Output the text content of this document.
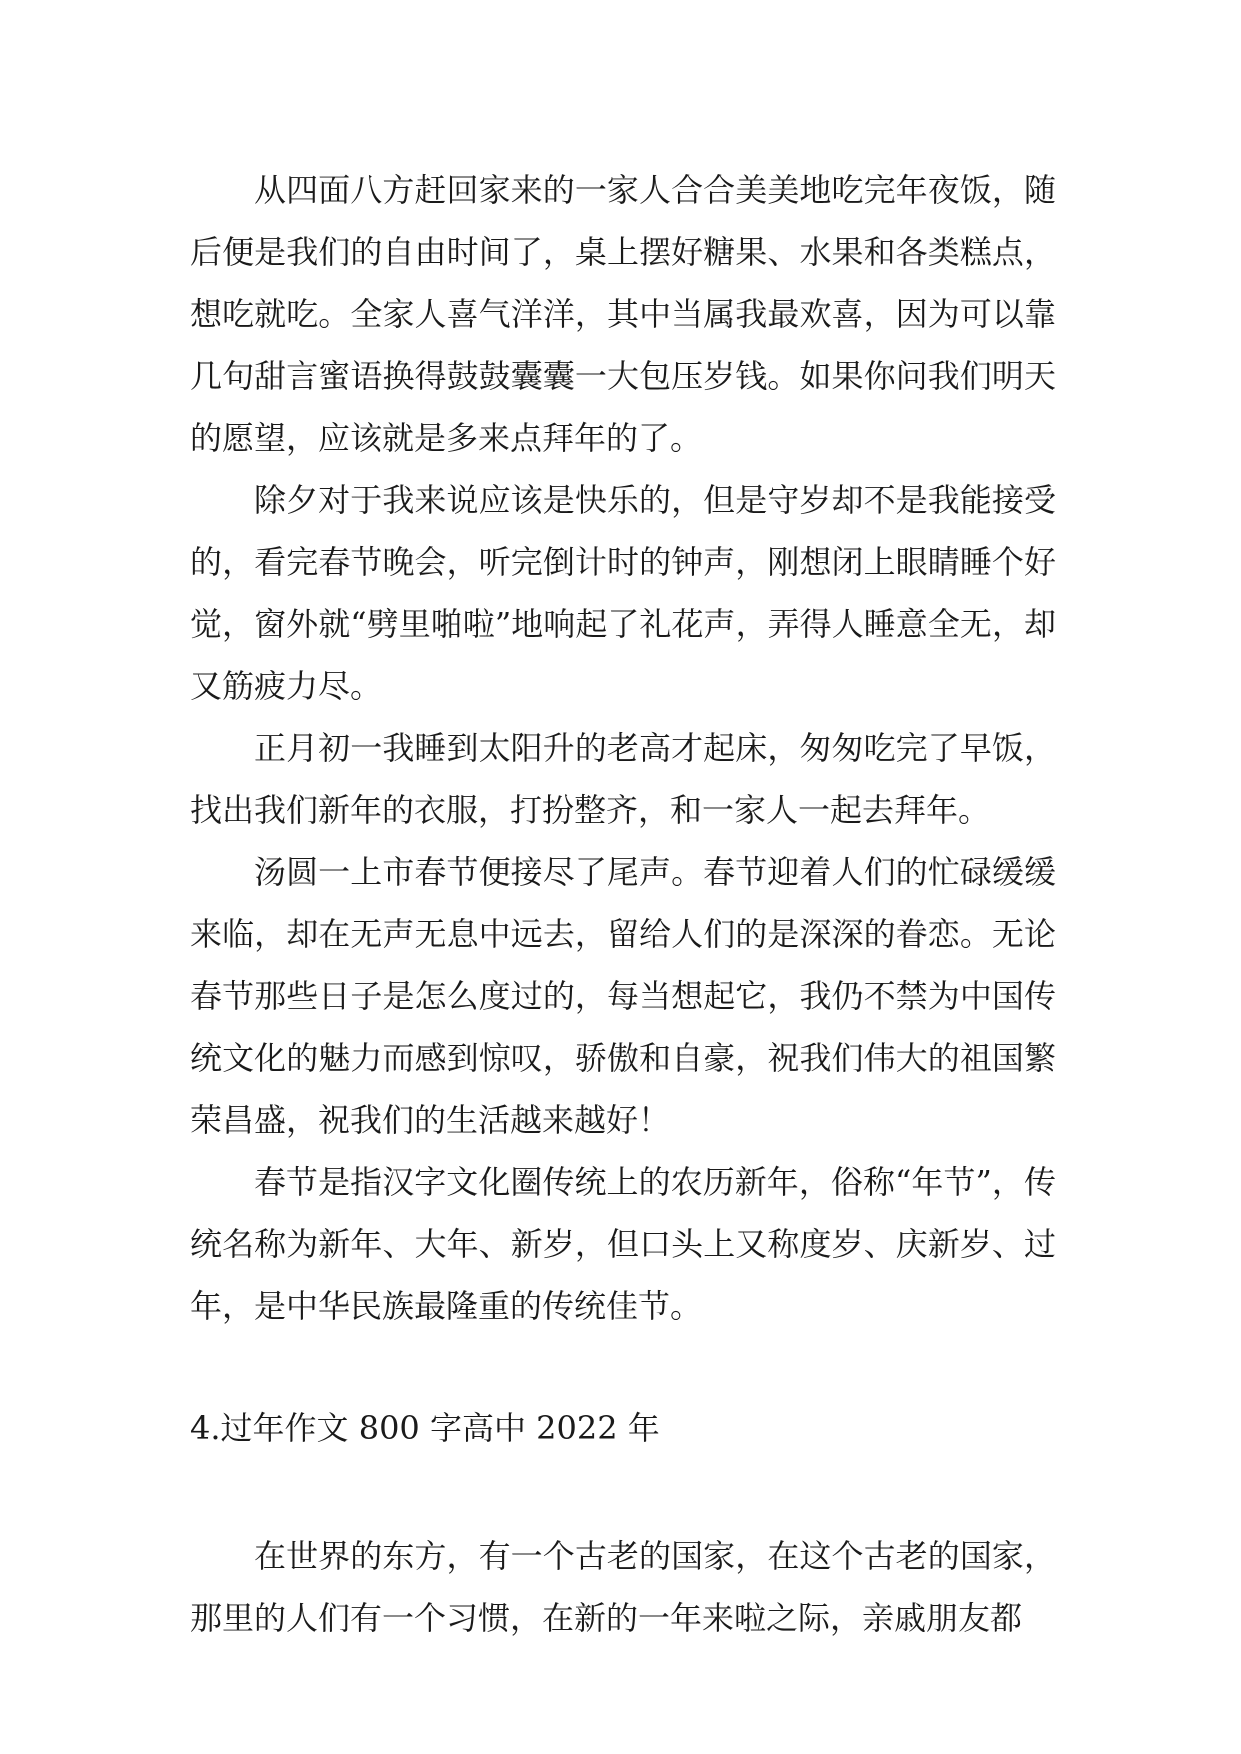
从四面八方赶回家来的一家人合合美美地吃完年夜饭，随后便是我们的自由时间了，桌上摆好糖果、水果和各类糕点，想吃就吃。全家人喜气洋洋，其中当属我最欢喜，因为可以靠几句甜言蜜语换得鼓鼓囊囊一大包压岁钱。如果你问我们明天的愿望，应该就是多来点拜年的了。

除夕对于我来说应该是快乐的，但是守岁却不是我能接受的，看完春节晚会，听完倒计时的钟声，刚想闭上眼睛睡个好觉，窗外就“劈里啪啦”地响起了礼花声，弄得人睡意全无，却又筋疲力尽。

正月初一我睡到太阳升的老高才起床，匆匆吃完了早饭，找出我们新年的衣服，打扮整齐，和一家人一起去拜年。

汤圆一上市春节便接尽了尾声。春节迎着人们的忙碌缓缓来临，却在无声无息中远去，留给人们的是深深的眷恋。无论春节那些日子是怎么度过的，每当想起它，我仍不禁为中国传统文化的魅力而感到惊叹，骄傲和自豪，祝我们伟大的祖国繁荣昌盛，祝我们的生活越来越好！

春节是指汉字文化圈传统上的农历新年，俗称“年节”，传统名称为新年、大年、新岁，但口头上又称度岁、庆新岁、过年，是中华民族最隆重的传统佳节。

4.过年作文 800 字高中 2022 年

在世界的东方，有一个古老的国家，在这个古老的国家，那里的人们有一个习惯，在新的一年来啦之际，亲戚朋友都
